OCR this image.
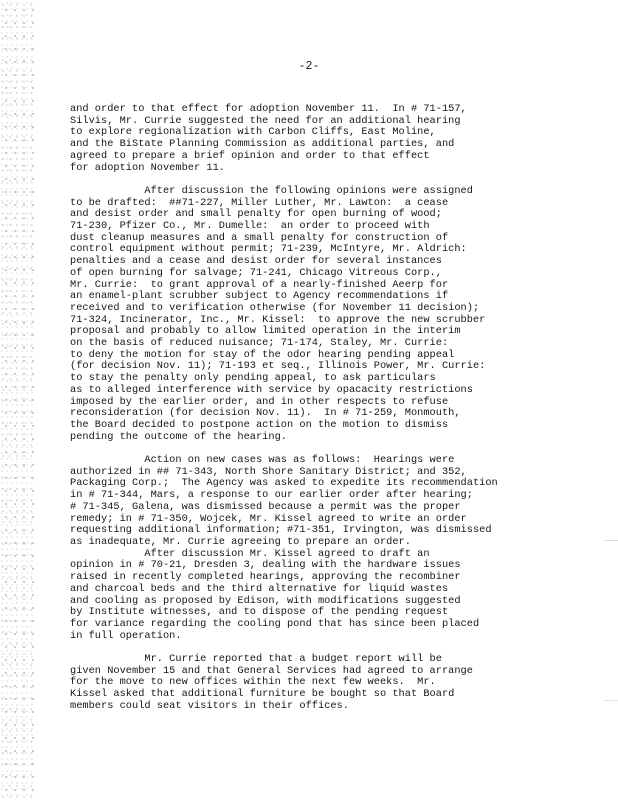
-2-
and order to that effect for adoption November 11.  In # 71-157,
Silvis, Mr. Currie suggested the need for an additional hearing
to explore regionalization with Carbon Cliffs, East Moline,
and the BiState Planning Commission as additional parties, and
agreed to prepare a brief opinion and order to that effect
for adoption November 11.
After discussion the following opinions were assigned
to be drafted:  ##71-227, Miller Luther, Mr. Lawton:  a cease
and desist order and small penalty for open burning of wood;
71-230, Pfizer Co., Mr. Dumelle:  an order to proceed with
dust cleanup measures and a small penalty for construction of
control equipment without permit; 71-239, McIntyre, Mr. Aldrich:
penalties and a cease and desist order for several instances
of open burning for salvage; 71-241, Chicago Vitreous Corp.,
Mr. Currie:  to grant approval of a nearly-finished Aeerp for
an enamel-plant scrubber subject to Agency recommendations if
received and to verification otherwise (for November 11 decision);
71-324, Incinerator, Inc., Mr. Kissel:  to approve the new scrubber
proposal and probably to allow limited operation in the interim
on the basis of reduced nuisance; 71-174, Staley, Mr. Currie:
to deny the motion for stay of the odor hearing pending appeal
(for decision Nov. 11); 71-193 et seq., Illinois Power, Mr. Currie:
to stay the penalty only pending appeal, to ask particulars
as to alleged interference with service by opacacity restrictions
imposed by the earlier order, and in other respects to refuse
reconsideration (for decision Nov. 11).  In # 71-259, Monmouth,
the Board decided to postpone action on the motion to dismiss
pending the outcome of the hearing.
Action on new cases was as follows:  Hearings were
authorized in ## 71-343, North Shore Sanitary District; and 352,
Packaging Corp.;  The Agency was asked to expedite its recommendation
in # 71-344, Mars, a response to our earlier order after hearing;
# 71-345, Galena, was dismissed because a permit was the proper
remedy; in # 71-350, Wojcek, Mr. Kissel agreed to write an order
requesting additional information; #71-351, Irvington, was dismissed
as inadequate, Mr. Currie agreeing to prepare an order.
After discussion Mr. Kissel agreed to draft an
opinion in # 70-21, Dresden 3, dealing with the hardware issues
raised in recently completed hearings, approving the recombiner
and charcoal beds and the third alternative for liquid wastes
and cooling as proposed by Edison, with modifications suggested
by Institute witnesses, and to dispose of the pending request
for variance regarding the cooling pond that has since been placed
in full operation.
Mr. Currie reported that a budget report will be
given November 15 and that General Services had agreed to arrange
for the move to new offices within the next few weeks.  Mr.
Kissel asked that additional furniture be bought so that Board
members could seat visitors in their offices.
